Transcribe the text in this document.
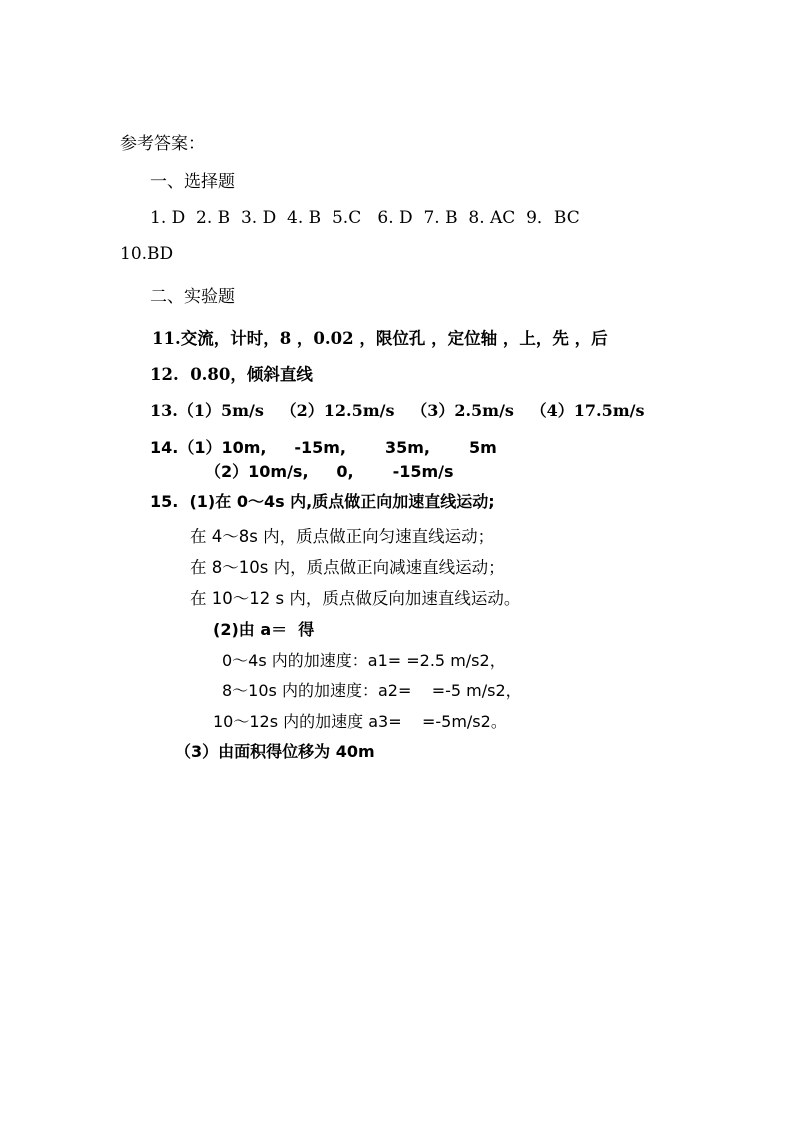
参考答案：
一、选择题
1. D  2. B  3. D  4. B  5.C   6. D  7. B  8. AC  9．BC
10.BD
二、实验题
11.交流，计时，8 ，0.02 ，限位孔 ，定位轴 ，上，先 ，后
12.  0.80，倾斜直线
13.（1）5m/s   （2）12.5m/s   （3）2.5m/s   （4）17.5m/s
14.（1）10m,     -15m,       35m,       5m
（2）10m/s,     0,       -15m/s
15.  (1)在 0～4s 内,质点做正向加速直线运动;
在 4～8s 内，质点做正向匀速直线运动；
在 8～10s 内，质点做正向减速直线运动；
在 10～12 s 内，质点做反向加速直线运动。
(2)由 a＝  得
0～4s 内的加速度：a1= =2.5 m/s2，
8～10s 内的加速度：a2=    =-5 m/s2，
10～12s 内的加速度 a3=    =-5m/s2。
（3）由面积得位移为 40m
